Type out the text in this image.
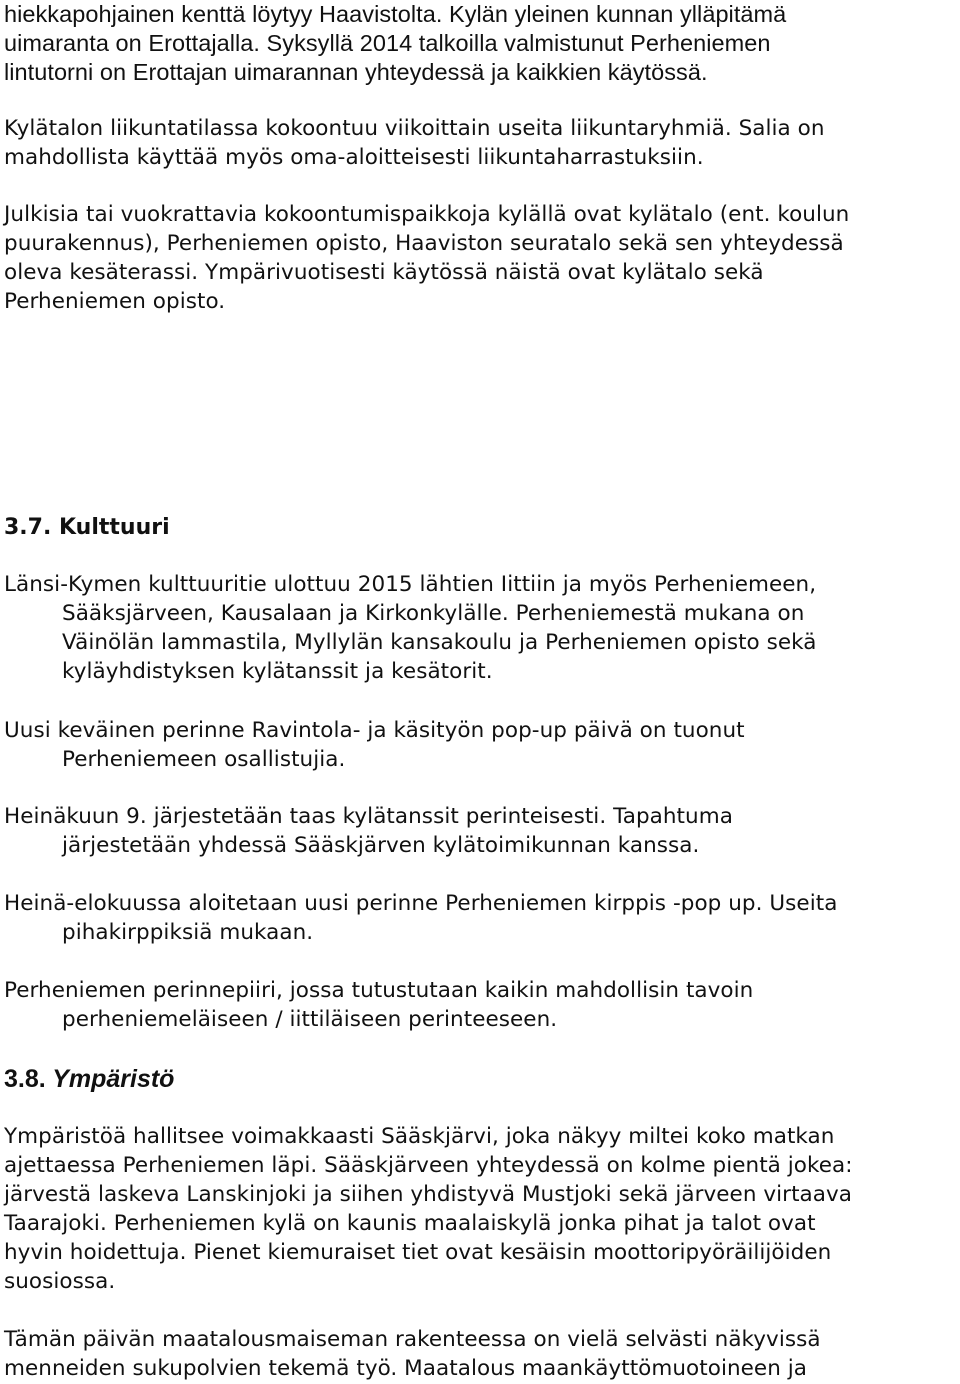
hiekkapohjainen kenttä löytyy Haavistolta. Kylän yleinen kunnan ylläpitämä
uimaranta on Erottajalla. Syksyllä 2014 talkoilla valmistunut Perheniemen
lintutorni on Erottajan uimarannan yhteydessä ja kaikkien käytössä.
Kylätalon liikuntatilassa kokoontuu viikoittain useita liikuntaryhmiä. Salia on
mahdollista käyttää myös oma-aloitteisesti liikuntaharrastuksiin.
Julkisia tai vuokrattavia kokoontumispaikkoja kylällä ovat kylätalo (ent. koulun
puurakennus), Perheniemen opisto, Haaviston seuratalo sekä sen yhteydessä
oleva kesäterassi. Ympärivuotisesti käytössä näistä ovat kylätalo sekä
Perheniemen opisto.
3.7. Kulttuuri
Länsi-Kymen kulttuuritie ulottuu 2015 lähtien Iittiin ja myös Perheniemeen,
Sääksjärveen, Kausalaan ja Kirkonkylälle. Perheniemestä mukana on
Väinölän lammastila, Myllylän kansakoulu ja Perheniemen opisto sekä
kyläyhdistyksen kylätanssit ja kesätorit.
Uusi keväinen perinne Ravintola- ja käsityön pop-up päivä on tuonut
Perheniemeen osallistujia.
Heinäkuun 9. järjestetään taas kylätanssit perinteisesti. Tapahtuma
järjestetään yhdessä Sääskjärven kylätoimikunnan kanssa.
Heinä-elokuussa aloitetaan uusi perinne Perheniemen kirppis -pop up. Useita
pihakirppiksiä mukaan.
Perheniemen perinnepiiri, jossa tutustutaan kaikin mahdollisin tavoin
perheniemeläiseen / iittiläiseen perinteeseen.
3.8. Ympäristö
Ympäristöä hallitsee voimakkaasti Sääskjärvi, joka näkyy miltei koko matkan
ajettaessa Perheniemen läpi. Sääskjärveen yhteydessä on kolme pientä jokea:
järvestä laskeva Lanskinjoki ja siihen yhdistyvä Mustjoki sekä järveen virtaava
Taarajoki. Perheniemen kylä on kaunis maalaiskylä jonka pihat ja talot ovat
hyvin hoidettuja. Pienet kiemuraiset tiet ovat kesäisin moottoripyöräilijöiden
suosiossa.
Tämän päivän maatalousmaiseman rakenteessa on vielä selvästi näkyvissä
menneiden sukupolvien tekemä työ. Maatalous maankäyttömuotoineen ja
